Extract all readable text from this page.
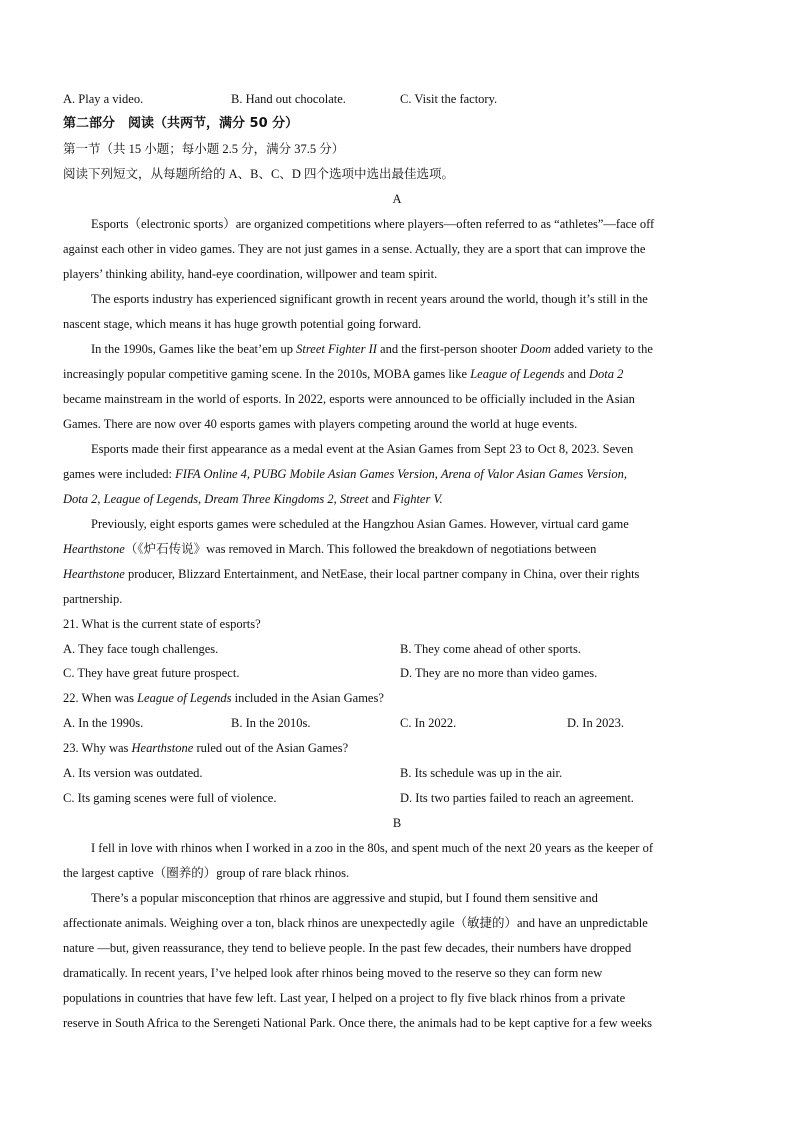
A. Play a video.	B. Hand out chocolate.	C. Visit the factory.
第二部分　阅读（共两节，满分 50 分）
第一节（共 15 小题；每小题 2.5 分，满分 37.5 分）
阅读下列短文，从每题所给的 A、B、C、D 四个选项中选出最佳选项。
A
Esports（electronic sports）are organized competitions where players—often referred to as “athletes”—face off
against each other in video games. They are not just games in a sense. Actually, they are a sport that can improve the
players’ thinking ability, hand-eye coordination, willpower and team spirit.
The esports industry has experienced significant growth in recent years around the world, though it’s still in the
nascent stage, which means it has huge growth potential going forward.
In the 1990s, Games like the beat’em up Street Fighter II and the first-person shooter Doom added variety to the
increasingly popular competitive gaming scene. In the 2010s, MOBA games like League of Legends and Dota 2
became mainstream in the world of esports. In 2022, esports were announced to be officially included in the Asian
Games. There are now over 40 esports games with players competing around the world at huge events.
Esports made their first appearance as a medal event at the Asian Games from Sept 23 to Oct 8, 2023. Seven
games were included: FIFA Online 4, PUBG Mobile Asian Games Version, Arena of Valor Asian Games Version,
Dota 2, League of Legends, Dream Three Kingdoms 2, Street and Fighter V.
Previously, eight esports games were scheduled at the Hangzhou Asian Games. However, virtual card game
Hearthstone（《炉石传说》was removed in March. This followed the breakdown of negotiations between
Hearthstone producer, Blizzard Entertainment, and NetEase, their local partner company in China, over their rights
partnership.
21. What is the current state of esports?
A. They face tough challenges.	B. They come ahead of other sports.
C. They have great future prospect.	D. They are no more than video games.
22. When was League of Legends included in the Asian Games?
A. In the 1990s.	B. In the 2010s.	C. In 2022.	D. In 2023.
23. Why was Hearthstone ruled out of the Asian Games?
A. Its version was outdated.	B. Its schedule was up in the air.
C. Its gaming scenes were full of violence.	D. Its two parties failed to reach an agreement.
B
I fell in love with rhinos when I worked in a zoo in the 80s, and spent much of the next 20 years as the keeper of
the largest captive（圈养的）group of rare black rhinos.
There’s a popular misconception that rhinos are aggressive and stupid, but I found them sensitive and
affectionate animals. Weighing over a ton, black rhinos are unexpectedly agile（敏捷的）and have an unpredictable
nature —but, given reassurance, they tend to believe people. In the past few decades, their numbers have dropped
dramatically. In recent years, I’ve helped look after rhinos being moved to the reserve so they can form new
populations in countries that have few left. Last year, I helped on a project to fly five black rhinos from a private
reserve in South Africa to the Serengeti National Park. Once there, the animals had to be kept captive for a few weeks
